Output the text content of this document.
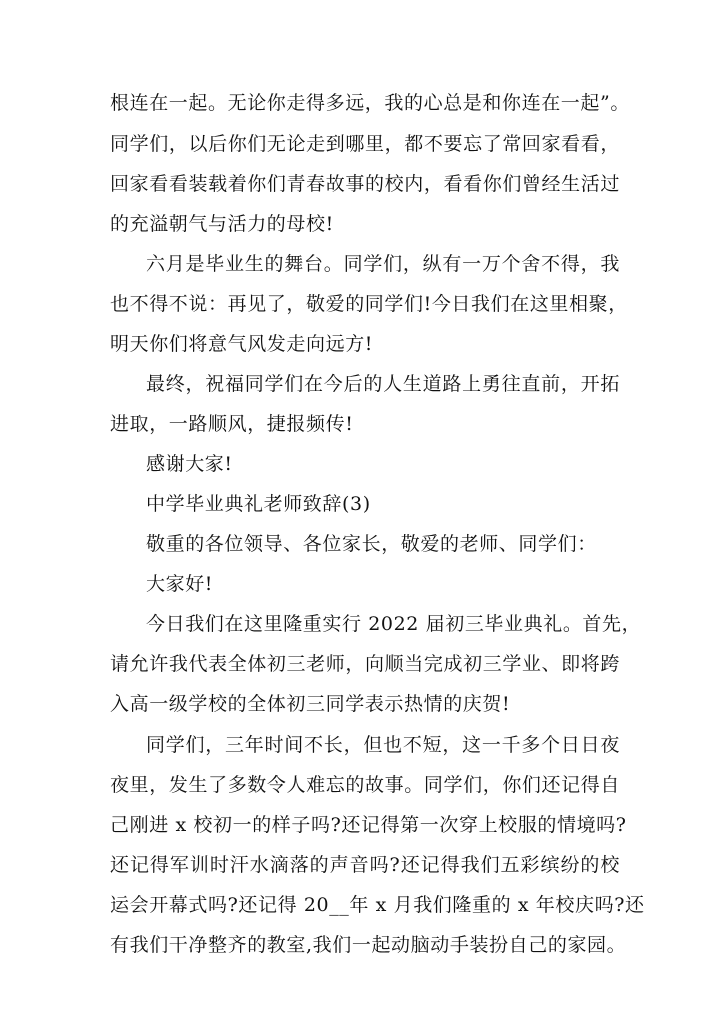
根连在一起。无论你走得多远，我的心总是和你连在一起”。
同学们，以后你们无论走到哪里，都不要忘了常回家看看，
回家看看装载着你们青春故事的校内，看看你们曾经生活过
的充溢朝气与活力的母校!
六月是毕业生的舞台。同学们，纵有一万个舍不得，我
也不得不说：再见了，敬爱的同学们!今日我们在这里相聚，
明天你们将意气风发走向远方!
最终，祝福同学们在今后的人生道路上勇往直前，开拓
进取，一路顺风，捷报频传!
感谢大家!
中学毕业典礼老师致辞(3)
敬重的各位领导、各位家长，敬爱的老师、同学们：
大家好!
今日我们在这里隆重实行 2022 届初三毕业典礼。首先，
请允许我代表全体初三老师，向顺当完成初三学业、即将跨
入高一级学校的全体初三同学表示热情的庆贺!
同学们，三年时间不长，但也不短，这一千多个日日夜
夜里，发生了多数令人难忘的故事。同学们，你们还记得自
己刚进 x 校初一的样子吗?还记得第一次穿上校服的情境吗?
还记得军训时汗水滴落的声音吗?还记得我们五彩缤纷的校
运会开幕式吗?还记得 20__年 x 月我们隆重的 x 年校庆吗?还
有我们干净整齐的教室,我们一起动脑动手装扮自己的家园。
